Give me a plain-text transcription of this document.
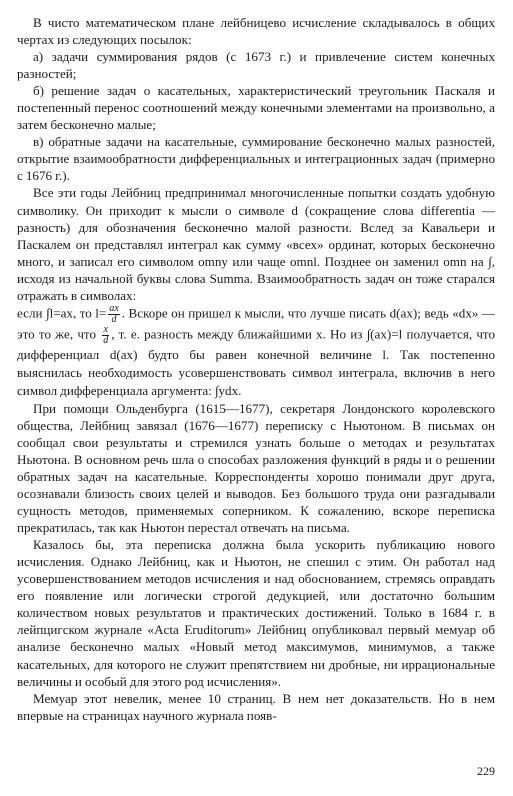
В чисто математическом плане лейбницево исчисление складывалось в общих чертах из следующих посылок:

а) задачи суммирования рядов (с 1673 г.) и привлечение систем конечных разностей;

б) решение задач о касательных, характеристический треугольник Паскаля и постепенный перенос соотношений между конечными элементами на произвольно, а затем бесконечно малые;

в) обратные задачи на касательные, суммирование бесконечно малых разностей, открытие взаимообратности дифференциальных и интеграционных задач (примерно с 1676 г.).

Все эти годы Лейбниц предпринимал многочисленные попытки создать удобную символику. Он приходит к мысли о символе d (сокращение слова differentia — разность) для обозначения бесконечно малой разности. Вслед за Кавальери и Паскалем он представлял интеграл как сумму «всех» ординат, которых бесконечно много, и записал его символом omny или чаще omnl. Позднее он заменил omn на ∫, исходя из начальной буквы слова Summa. Взаимообратность задач он тоже старался отражать в символах:

если ∫l=ax, то $l= \frac{ax}{d}$ . Вскоре он пришел к мысли, что лучше писать d(ax); ведь «dx» — это то же, что $\frac{x}{d}$ , т. е. разность между ближайшими x. Но из ∫(ax)=l получается, что дифференциал d(ax) будто бы равен конечной величине l. Так постепенно выяснилась необходимость усовершенствовать символ интеграла, включив в него символ дифференциала аргумента: ∫ydx.

При помощи Ольденбурга (1615—1677), секретаря Лондонского королевского общества, Лейбниц завязал (1676—1677) переписку с Ньютоном. В письмах он сообщал свои результаты и стремился узнать больше о методах и результатах Ньютона. В основном речь шла о способах разложения функций в ряды и о решении обратных задач на касательные. Корреспонденты хорошо понимали друг друга, осознавали близость своих целей и выводов. Без большого труда они разгадывали сущность методов, применяемых соперником. К сожалению, вскоре переписка прекратилась, так как Ньютон перестал отвечать на письма.

Казалось бы, эта переписка должна была ускорить публикацию нового исчисления. Однако Лейбниц, как и Ньютон, не спешил с этим. Он работал над усовершенствованием методов исчисления и над обоснованием, стремясь оправдать его появление или логически строгой дедукцией, или достаточно большим количеством новых результатов и практических достижений. Только в 1684 г. в лейпцигском журнале «Acta Eruditorum» Лейбниц опубликовал первый мемуар об анализе бесконечно малых «Новый метод максимумов, минимумов, а также касательных, для которого не служит препятствием ни дробные, ни иррациональные величины и особый для этого род исчисления».

Мемуар этот невелик, менее 10 страниц. В нем нет доказательств. Но в нем впервые на страницах научного журнала появ-

229
